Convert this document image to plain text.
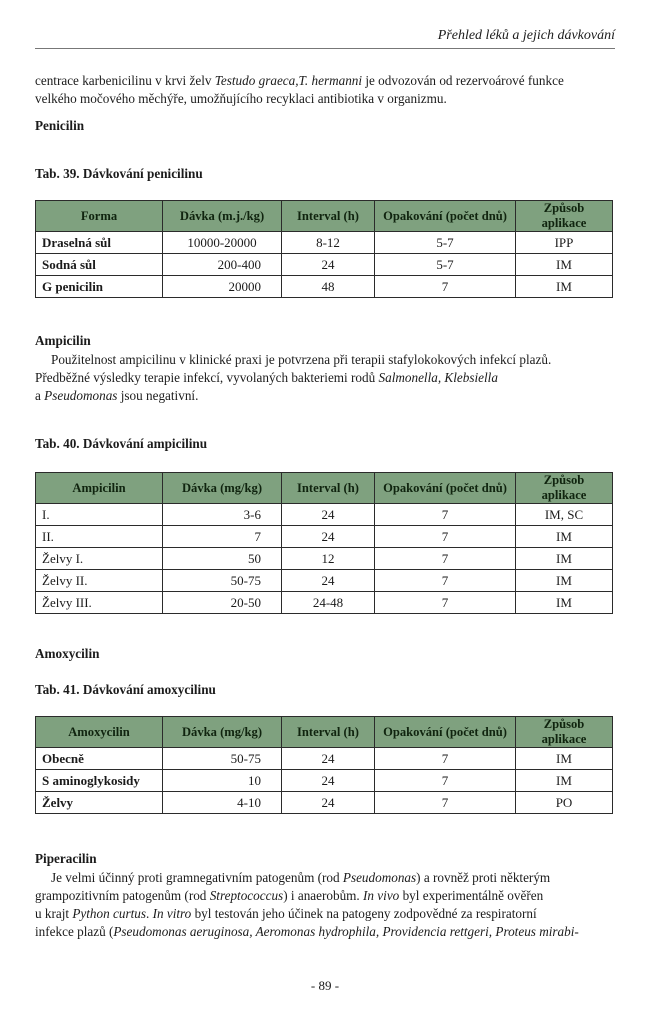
Přehled léků a jejich dávkování

centrace karbenicilinu v krvi želv Testudo graeca,T. hermanni je odvozován od rezervoárové funkce

velkého močového měchýře, umožňujícího recyklaci antibiotika v organizmu.

Penicilin
Tab. 39. Dávkování penicilinu
Forma	Dávka (m.j./kg)	Interval (h)	Opakování (počet dnů)	Způsob aplikace
Draselná sůl	10000-20000	8-12	5-7	IPP
Sodná sůl	200-400	24	5-7	IM
G penicilin	20000	48	7	IM
Ampicilin

Použitelnost ampicilinu v klinické praxi je potvrzena při terapii stafylokokových infekcí plazů.

Předběžné výsledky terapie infekcí, vyvolaných bakteriemi rodů Salmonella, Klebsiella

a Pseudomonas jsou negativní.

Tab. 40. Dávkování ampicilinu
Ampicilin	Dávka (mg/kg)	Interval (h)	Opakování (počet dnů)	Způsob aplikace
I.	3-6	24	7	IM, SC
II.	7	24	7	IM
Želvy I.	50	12	7	IM
Želvy II.	50-75	24	7	IM
Želvy III.	20-50	24-48	7	IM
Amoxycilin
Tab. 41. Dávkování amoxycilinu
Amoxycilin	Dávka (mg/kg)	Interval (h)	Opakování (počet dnů)	Způsob aplikace
Obecně	50-75	24	7	IM
S aminoglykosidy	10	24	7	IM
Želvy	4-10	24	7	PO
Piperacilin

Je velmi účinný proti gramnegativním patogenům (rod Pseudomonas) a rovněž proti některým

grampozitivním patogenům (rod Streptococcus) i anaerobům. In vivo byl experimentálně ověřen

u krajt Python curtus. In vitro byl testován jeho účinek na patogeny zodpovědné za respiratorní

infekce plazů (Pseudomonas aeruginosa, Aeromonas hydrophila, Providencia rettgeri, Proteus mirabi-

- 89 -
